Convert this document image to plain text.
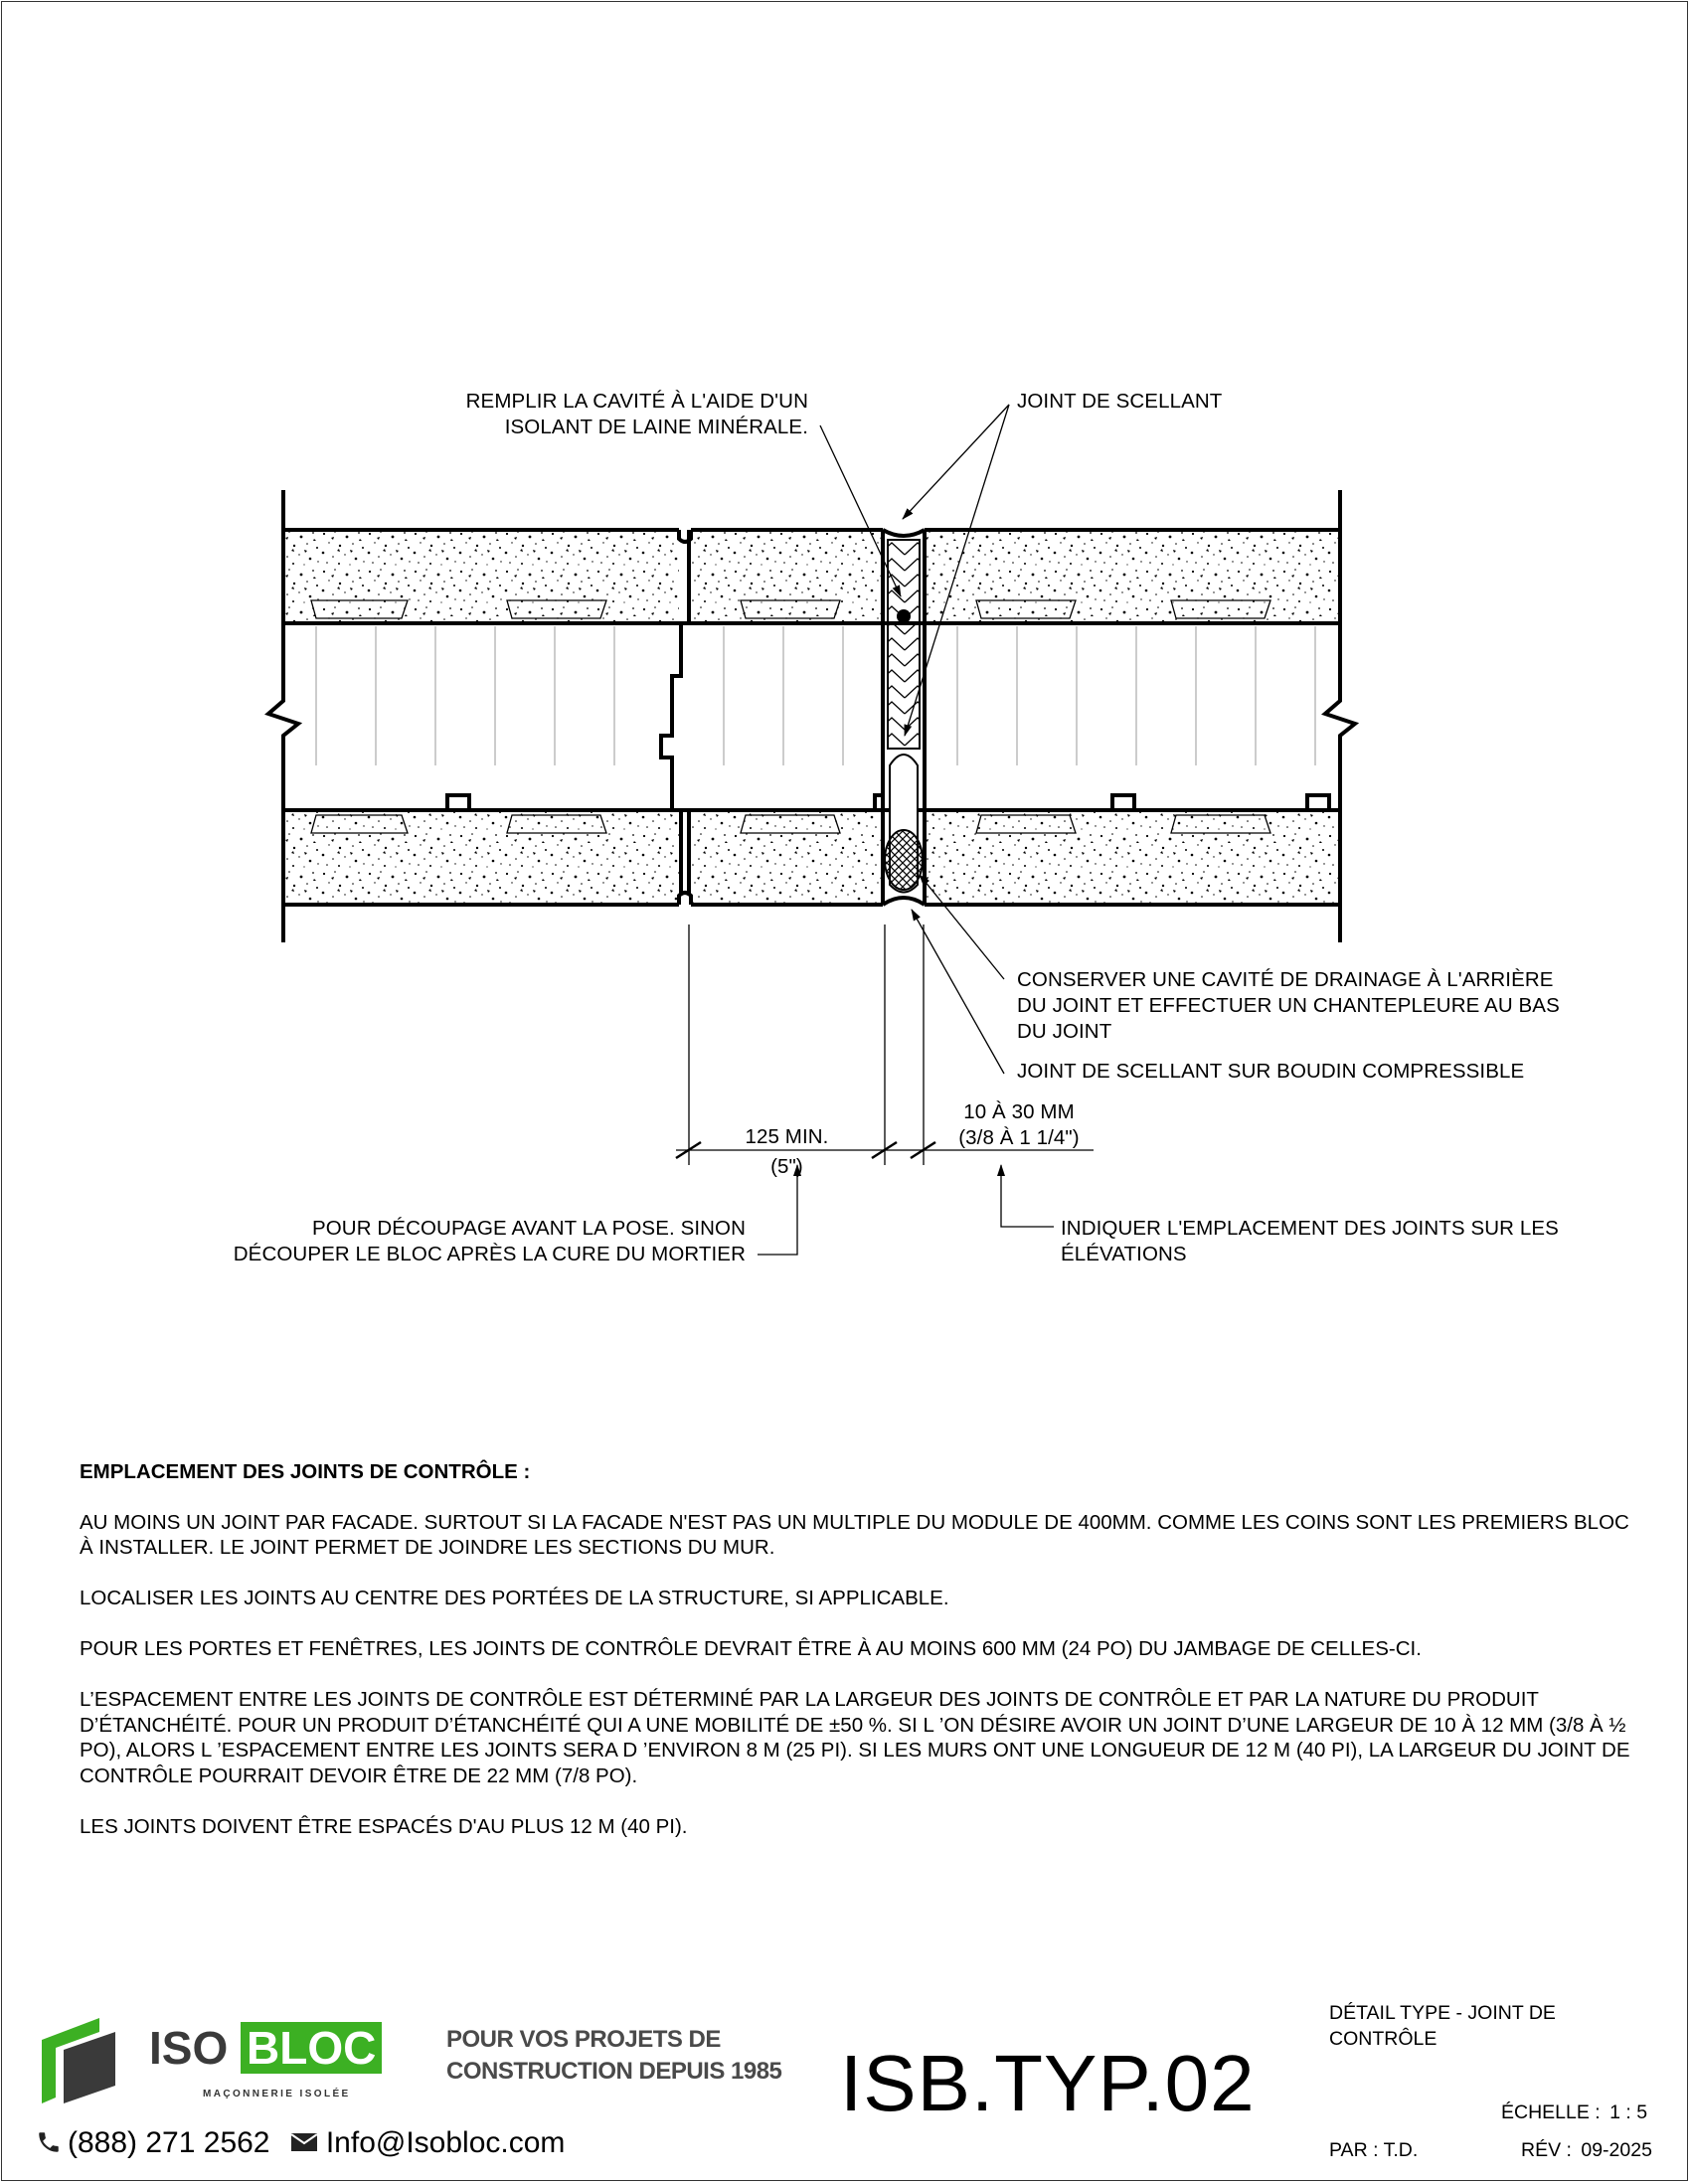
REMPLIR LA CAVITÉ À L'AIDE D'UN
ISOLANT DE LAINE MINÉRALE.
JOINT DE SCELLANT
CONSERVER UNE CAVITÉ DE DRAINAGE À L'ARRIÈRE
DU JOINT ET EFFECTUER UN CHANTEPLEURE AU BAS
DU JOINT
JOINT DE SCELLANT SUR BOUDIN COMPRESSIBLE
125 MIN.
(5")
10 À 30 MM
(3/8 À 1 1/4")
POUR DÉCOUPAGE AVANT LA POSE. SINON
DÉCOUPER LE BLOC APRÈS LA CURE DU MORTIER
INDIQUER L'EMPLACEMENT DES JOINTS SUR LES
ÉLÉVATIONS
EMPLACEMENT DES JOINTS DE CONTRÔLE :

AU MOINS UN JOINT PAR FACADE. SURTOUT SI LA FACADE N'EST PAS UN MULTIPLE DU MODULE DE 400MM. COMME LES COINS SONT LES PREMIERS BLOC À INSTALLER. LE JOINT PERMET DE JOINDRE LES SECTIONS DU MUR.

LOCALISER LES JOINTS AU CENTRE DES PORTÉES DE LA STRUCTURE, SI APPLICABLE.

POUR LES PORTES ET FENÊTRES, LES JOINTS DE CONTRÔLE DEVRAIT ÊTRE À AU MOINS 600 MM (24 PO) DU JAMBAGE DE CELLES-CI.

L’ESPACEMENT ENTRE LES JOINTS DE CONTRÔLE EST DÉTERMINÉ PAR LA LARGEUR DES JOINTS DE CONTRÔLE ET PAR LA NATURE DU PRODUIT D’ÉTANCHÉITÉ. POUR UN PRODUIT D’ÉTANCHÉITÉ QUI A UNE MOBILITÉ DE ±50 %. SI L ’ON DÉSIRE AVOIR UN JOINT D’UNE LARGEUR DE 10 À 12 MM (3/8 À ½ PO), ALORS L ’ESPACEMENT ENTRE LES JOINTS SERA D ’ENVIRON 8 M (25 PI). SI LES MURS ONT UNE LONGUEUR DE 12 M (40 PI), LA LARGEUR DU JOINT DE CONTRÔLE POURRAIT DEVOIR ÊTRE DE 22 MM (7/8 PO).

LES JOINTS DOIVENT ÊTRE ESPACÉS D'AU PLUS 12 M (40 PI).

ISO BLOC
MAÇONNERIE ISOLÉE
POUR VOS PROJETS DE
CONSTRUCTION DEPUIS 1985
(888) 271 2562 Info@Isobloc.com
ISB.TYP.02
DÉTAIL TYPE - JOINT DE
CONTRÔLE
ÉCHELLE : 1 : 5
PAR : T.D.	RÉV : 09-2025
